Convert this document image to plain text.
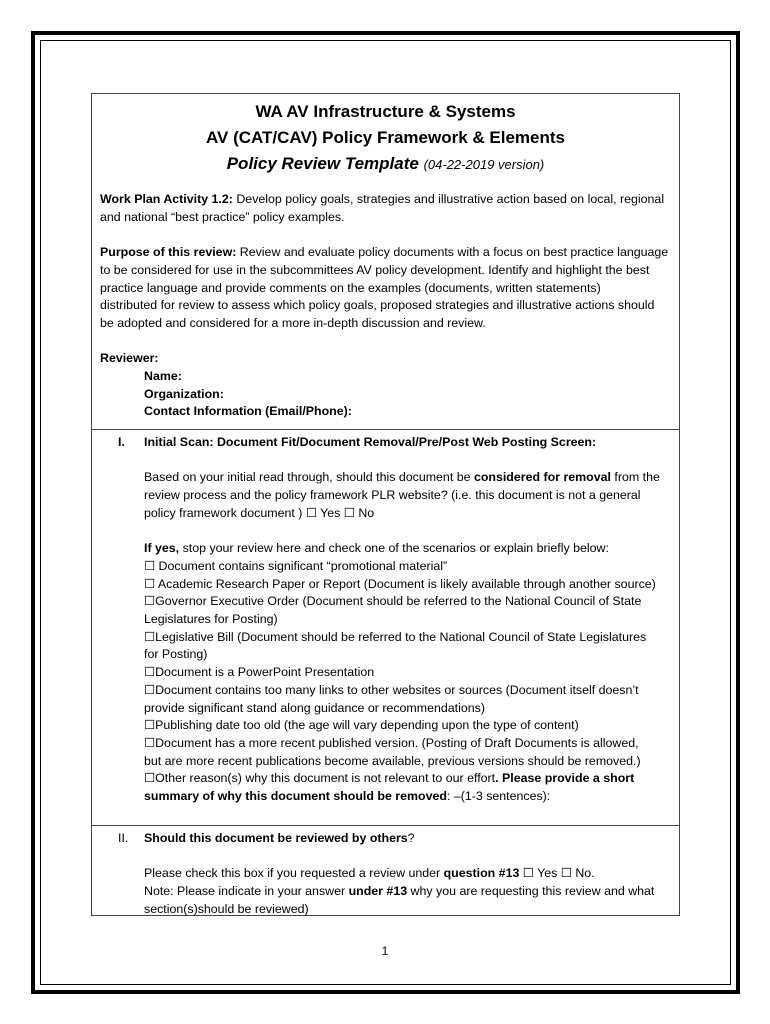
WA AV Infrastructure & Systems
AV (CAT/CAV) Policy Framework & Elements
Policy Review Template (04-22-2019 version)

Work Plan Activity 1.2: Develop policy goals, strategies and illustrative action based on local, regional

and national “best practice” policy examples.

Purpose of this review: Review and evaluate policy documents with a focus on best practice language

to be considered for use in the subcommittees AV policy development. Identify and highlight the best

practice language and provide comments on the examples (documents, written statements)

distributed for review to assess which policy goals, proposed strategies and illustrative actions should

be adopted and considered for a more in-depth discussion and review.

Reviewer:

Name:

Organization:

Contact Information (Email/Phone):

I.	Initial Scan: Document Fit/Document Removal/Pre/Post Web Posting Screen:

Based on your initial read through, should this document be considered for removal from the

review process and the policy framework PLR website? (i.e. this document is not a general

policy framework document ) ☐ Yes ☐ No

If yes, stop your review here and check one of the scenarios or explain briefly below:

☐ Document contains significant “promotional material”

☐ Academic Research Paper or Report (Document is likely available through another source)

☐Governor Executive Order (Document should be referred to the National Council of State

Legislatures for Posting)

☐Legislative Bill (Document should be referred to the National Council of State Legislatures

for Posting)

☐Document is a PowerPoint Presentation

☐Document contains too many links to other websites or sources (Document itself doesn’t

provide significant stand along guidance or recommendations)

☐Publishing date too old (the age will vary depending upon the type of content)

☐Document has a more recent published version. (Posting of Draft Documents is allowed,

but are more recent publications become available, previous versions should be removed.)

☐Other reason(s) why this document is not relevant to our effort. Please provide a short

summary of why this document should be removed: –(1-3 sentences):

II.	Should this document be reviewed by others?

Please check this box if you requested a review under question #13 ☐ Yes ☐ No.

Note: Please indicate in your answer under #13 why you are requesting this review and what

section(s)should be reviewed)

1
